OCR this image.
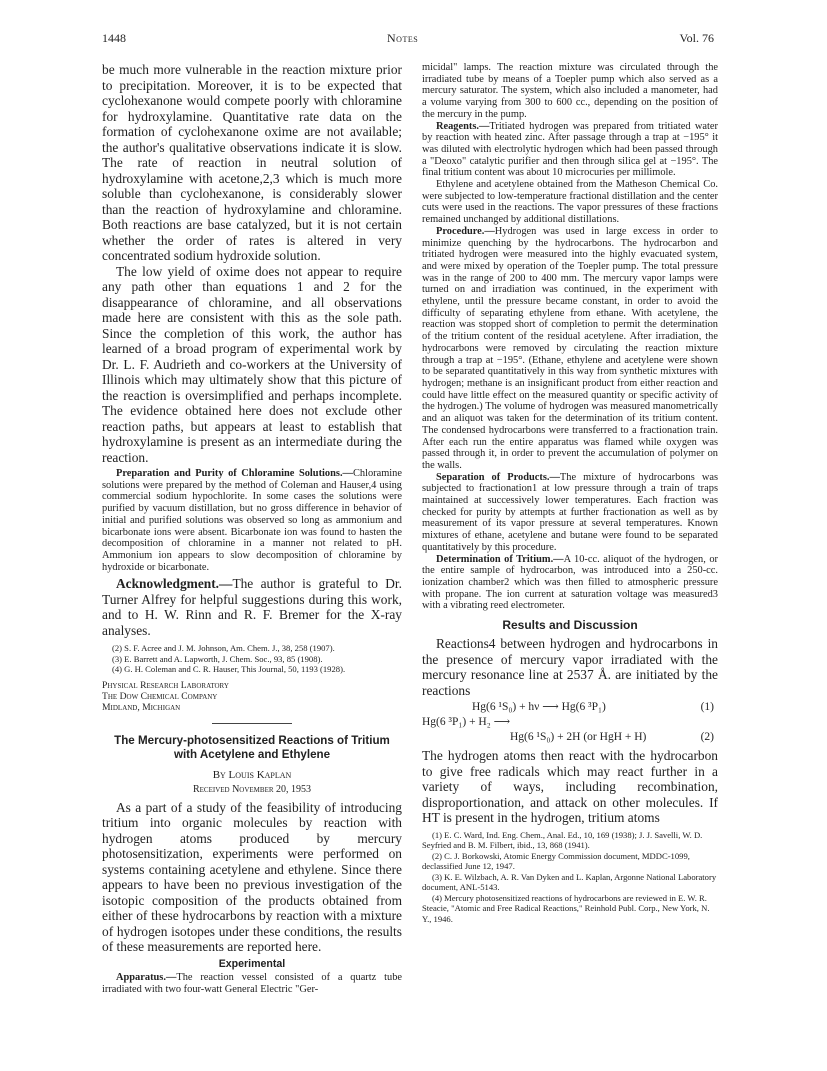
1448	Notes	Vol. 76

be much more vulnerable in the reaction mixture prior to precipitation. Moreover, it is to be expected that cyclohexanone would compete poorly with chloramine for hydroxylamine. Quantitative rate data on the formation of cyclohexanone oxime are not available; the author's qualitative observations indicate it is slow. The rate of reaction in neutral solution of hydroxylamine with acetone,2,3 which is much more soluble than cyclohexanone, is considerably slower than the reaction of hydroxylamine and chloramine. Both reactions are base catalyzed, but it is not certain whether the order of rates is altered in very concentrated sodium hydroxide solution.

The low yield of oxime does not appear to require any path other than equations 1 and 2 for the disappearance of chloramine, and all observations made here are consistent with this as the sole path. Since the completion of this work, the author has learned of a broad program of experimental work by Dr. L. F. Audrieth and co-workers at the University of Illinois which may ultimately show that this picture of the reaction is oversimplified and perhaps incomplete. The evidence obtained here does not exclude other reaction paths, but appears at least to establish that hydroxylamine is present as an intermediate during the reaction.

Preparation and Purity of Chloramine Solutions.—Chloramine solutions were prepared by the method of Coleman and Hauser,4 using commercial sodium hypochlorite. In some cases the solutions were purified by vacuum distillation, but no gross difference in behavior of initial and purified solutions was observed so long as ammonium and bicarbonate ions were absent. Bicarbonate ion was found to hasten the decomposition of chloramine in a manner not related to pH. Ammonium ion appears to slow decomposition of chloramine by hydroxide or bicarbonate.

Acknowledgment.—The author is grateful to Dr. Turner Alfrey for helpful suggestions during this work, and to H. W. Rinn and R. F. Bremer for the X-ray analyses.

(2) S. F. Acree and J. M. Johnson, Am. Chem. J., 38, 258 (1907).

(3) E. Barrett and A. Lapworth, J. Chem. Soc., 93, 85 (1908).

(4) G. H. Coleman and C. R. Hauser, This Journal, 50, 1193 (1928).

Physical Research Laboratory
The Dow Chemical Company
Midland, Michigan
The Mercury-photosensitized Reactions of Tritium with Acetylene and Ethylene
By Louis Kaplan
Received November 20, 1953

As a part of a study of the feasibility of introducing tritium into organic molecules by reaction with hydrogen atoms produced by mercury photosensitization, experiments were performed on systems containing acetylene and ethylene. Since there appears to have been no previous investigation of the isotopic composition of the products obtained from either of these hydrocarbons by reaction with a mixture of hydrogen isotopes under these conditions, the results of these measurements are reported here.

Experimental

Apparatus.—The reaction vessel consisted of a quartz tube irradiated with two four-watt General Electric "Ger-

micidal" lamps. The reaction mixture was circulated through the irradiated tube by means of a Toepler pump which also served as a mercury saturator. The system, which also included a manometer, had a volume varying from 300 to 600 cc., depending on the position of the mercury in the pump.

Reagents.—Tritiated hydrogen was prepared from tritiated water by reaction with heated zinc. After passage through a trap at −195° it was diluted with electrolytic hydrogen which had been passed through a "Deoxo" catalytic purifier and then through silica gel at −195°. The final tritium content was about 10 microcuries per millimole.

Ethylene and acetylene obtained from the Matheson Chemical Co. were subjected to low-temperature fractional distillation and the center cuts were used in the reactions. The vapor pressures of these fractions remained unchanged by additional distillations.

Procedure.—Hydrogen was used in large excess in order to minimize quenching by the hydrocarbons. The hydrocarbon and tritiated hydrogen were measured into the highly evacuated system, and were mixed by operation of the Toepler pump. The total pressure was in the range of 200 to 400 mm. The mercury vapor lamps were turned on and irradiation was continued, in the experiment with ethylene, until the pressure became constant, in order to avoid the difficulty of separating ethylene from ethane. With acetylene, the reaction was stopped short of completion to permit the determination of the tritium content of the residual acetylene. After irradiation, the hydrocarbons were removed by circulating the reaction mixture through a trap at −195°. (Ethane, ethylene and acetylene were shown to be separated quantitatively in this way from synthetic mixtures with hydrogen; methane is an insignificant product from either reaction and could have little effect on the measured quantity or specific activity of the hydrogen.) The volume of hydrogen was measured manometrically and an aliquot was taken for the determination of its tritium content. The condensed hydrocarbons were transferred to a fractionation train. After each run the entire apparatus was flamed while oxygen was passed through it, in order to prevent the accumulation of polymer on the walls.

Separation of Products.—The mixture of hydrocarbons was subjected to fractionation1 at low pressure through a train of traps maintained at successively lower temperatures. Each fraction was checked for purity by attempts at further fractionation as well as by measurement of its vapor pressure at several temperatures. Known mixtures of ethane, acetylene and butane were found to be separated quantitatively by this procedure.

Determination of Tritium.—A 10-cc. aliquot of the hydrogen, or the entire sample of hydrocarbon, was introduced into a 250-cc. ionization chamber2 which was then filled to atmospheric pressure with propane. The ion current at saturation voltage was measured3 with a vibrating reed electrometer.

Results and Discussion

Reactions4 between hydrogen and hydrocarbons in the presence of mercury vapor irradiated with the mercury resonance line at 2537 Å. are initiated by the reactions

Hg(6 ¹S₀) + hν ⟶ Hg(6 ³P₁)	(1)
Hg(6 ³P₁) + H₂ ⟶
Hg(6 ¹S₀) + 2H (or HgH + H)	(2)

The hydrogen atoms then react with the hydrocarbon to give free radicals which may react further in a variety of ways, including recombination, disproportionation, and attack on other molecules. If HT is present in the hydrogen, tritium atoms

(1) E. C. Ward, Ind. Eng. Chem., Anal. Ed., 10, 169 (1938); J. J. Savelli, W. D. Seyfried and B. M. Filbert, ibid., 13, 868 (1941).

(2) C. J. Borkowski, Atomic Energy Commission document, MDDC-1099, declassified June 12, 1947.

(3) K. E. Wilzbach, A. R. Van Dyken and L. Kaplan, Argonne National Laboratory document, ANL-5143.

(4) Mercury photosensitized reactions of hydrocarbons are reviewed in E. W. R. Steacie, "Atomic and Free Radical Reactions," Reinhold Publ. Corp., New York, N. Y., 1946.
